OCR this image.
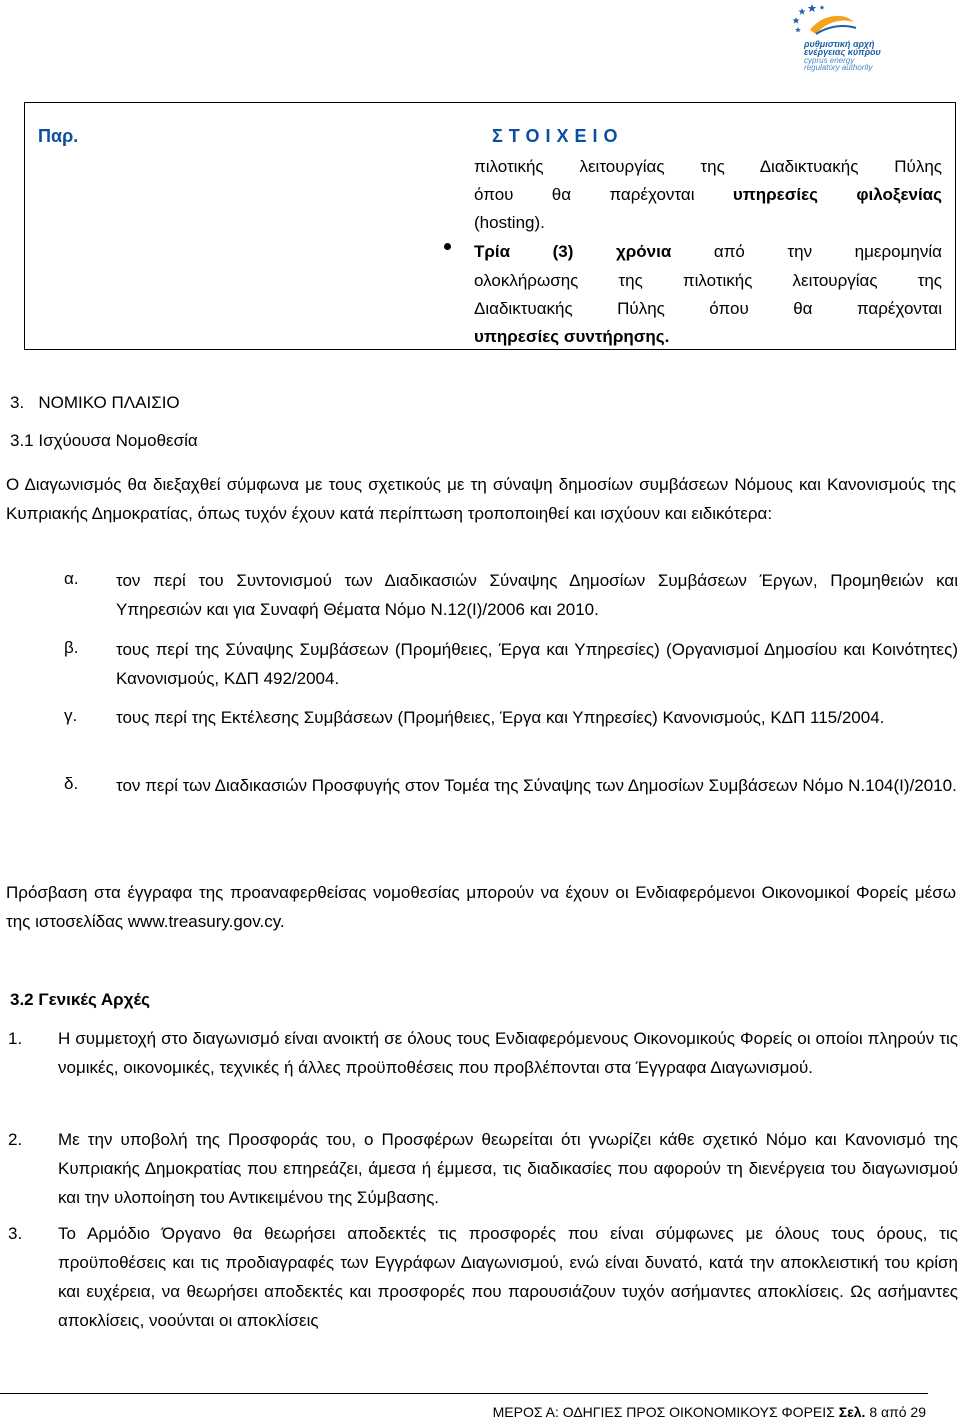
ρυθμιστική αρχή
ενέργειας κύπρου
cyprus energy
regulatory authority
Παρ.	ΣΤΟΙΧΕΙΟ
πιλοτικής λειτουργίας της Διαδικτυακής Πύλης
όπου θα παρέχονται υπηρεσίες φιλοξενίας
(hosting).
Τρία (3) χρόνια από την ημερομηνία
ολοκλήρωσης της πιλοτικής λειτουργίας της
Διαδικτυακής Πύλης όπου θα παρέχονται
υπηρεσίες συντήρησης.
3.   ΝΟΜΙΚΟ ΠΛΑΙΣΙΟ
3.1 Ισχύουσα Νομοθεσία
Ο Διαγωνισμός θα διεξαχθεί σύμφωνα με τους σχετικούς με τη σύναψη δημοσίων συμβάσεων Νόμους και Κανονισμούς της Κυπριακής Δημοκρατίας, όπως τυχόν έχουν κατά περίπτωση τροποποιηθεί και ισχύουν και ειδικότερα:
α. τον περί του Συντονισμού των Διαδικασιών Σύναψης Δημοσίων Συμβάσεων Έργων, Προμηθειών και Υπηρεσιών και για Συναφή Θέματα Νόμο Ν.12(Ι)/2006 και 2010.
β. τους περί της Σύναψης Συμβάσεων (Προμήθειες, Έργα και Υπηρεσίες) (Οργανισμοί Δημοσίου και Κοινότητες) Κανονισμούς, ΚΔΠ 492/2004.
γ. τους περί της Εκτέλεσης Συμβάσεων (Προμήθειες, Έργα και Υπηρεσίες) Κανονισμούς, ΚΔΠ 115/2004.
δ. τον περί των Διαδικασιών Προσφυγής στον Τομέα της Σύναψης των Δημοσίων Συμβάσεων Νόμο Ν.104(Ι)/2010.
Πρόσβαση στα έγγραφα της προαναφερθείσας νομοθεσίας μπορούν να έχουν οι Ενδιαφερόμενοι Οικονομικοί Φορείς μέσω της ιστοσελίδας www.treasury.gov.cy.
3.2 Γενικές Αρχές
1. Η συμμετοχή στο διαγωνισμό είναι ανοικτή σε όλους τους Ενδιαφερόμενους Οικονομικούς Φορείς οι οποίοι πληρούν τις νομικές, οικονομικές, τεχνικές ή άλλες προϋποθέσεις που προβλέπονται στα Έγγραφα Διαγωνισμού.
2. Με την υποβολή της Προσφοράς του, ο Προσφέρων θεωρείται ότι γνωρίζει κάθε σχετικό Νόμο και Κανονισμό της Κυπριακής Δημοκρατίας που επηρεάζει, άμεσα ή έμμεσα, τις διαδικασίες που αφορούν τη διενέργεια του διαγωνισμού και την υλοποίηση του Αντικειμένου της Σύμβασης.
3. Το Αρμόδιο Όργανο θα θεωρήσει αποδεκτές τις προσφορές που είναι σύμφωνες με όλους τους όρους, τις προϋποθέσεις και τις προδιαγραφές των Εγγράφων Διαγωνισμού, ενώ είναι δυνατό, κατά την αποκλειστική του κρίση και ευχέρεια, να θεωρήσει αποδεκτές και προσφορές που παρουσιάζουν τυχόν ασήμαντες αποκλίσεις. Ως ασήμαντες αποκλίσεις, νοούνται οι αποκλίσεις
ΜΕΡΟΣ Α: ΟΔΗΓΙΕΣ ΠΡΟΣ ΟΙΚΟΝΟΜΙΚΟΥΣ ΦΟΡΕΙΣ Σελ. 8 από 29
